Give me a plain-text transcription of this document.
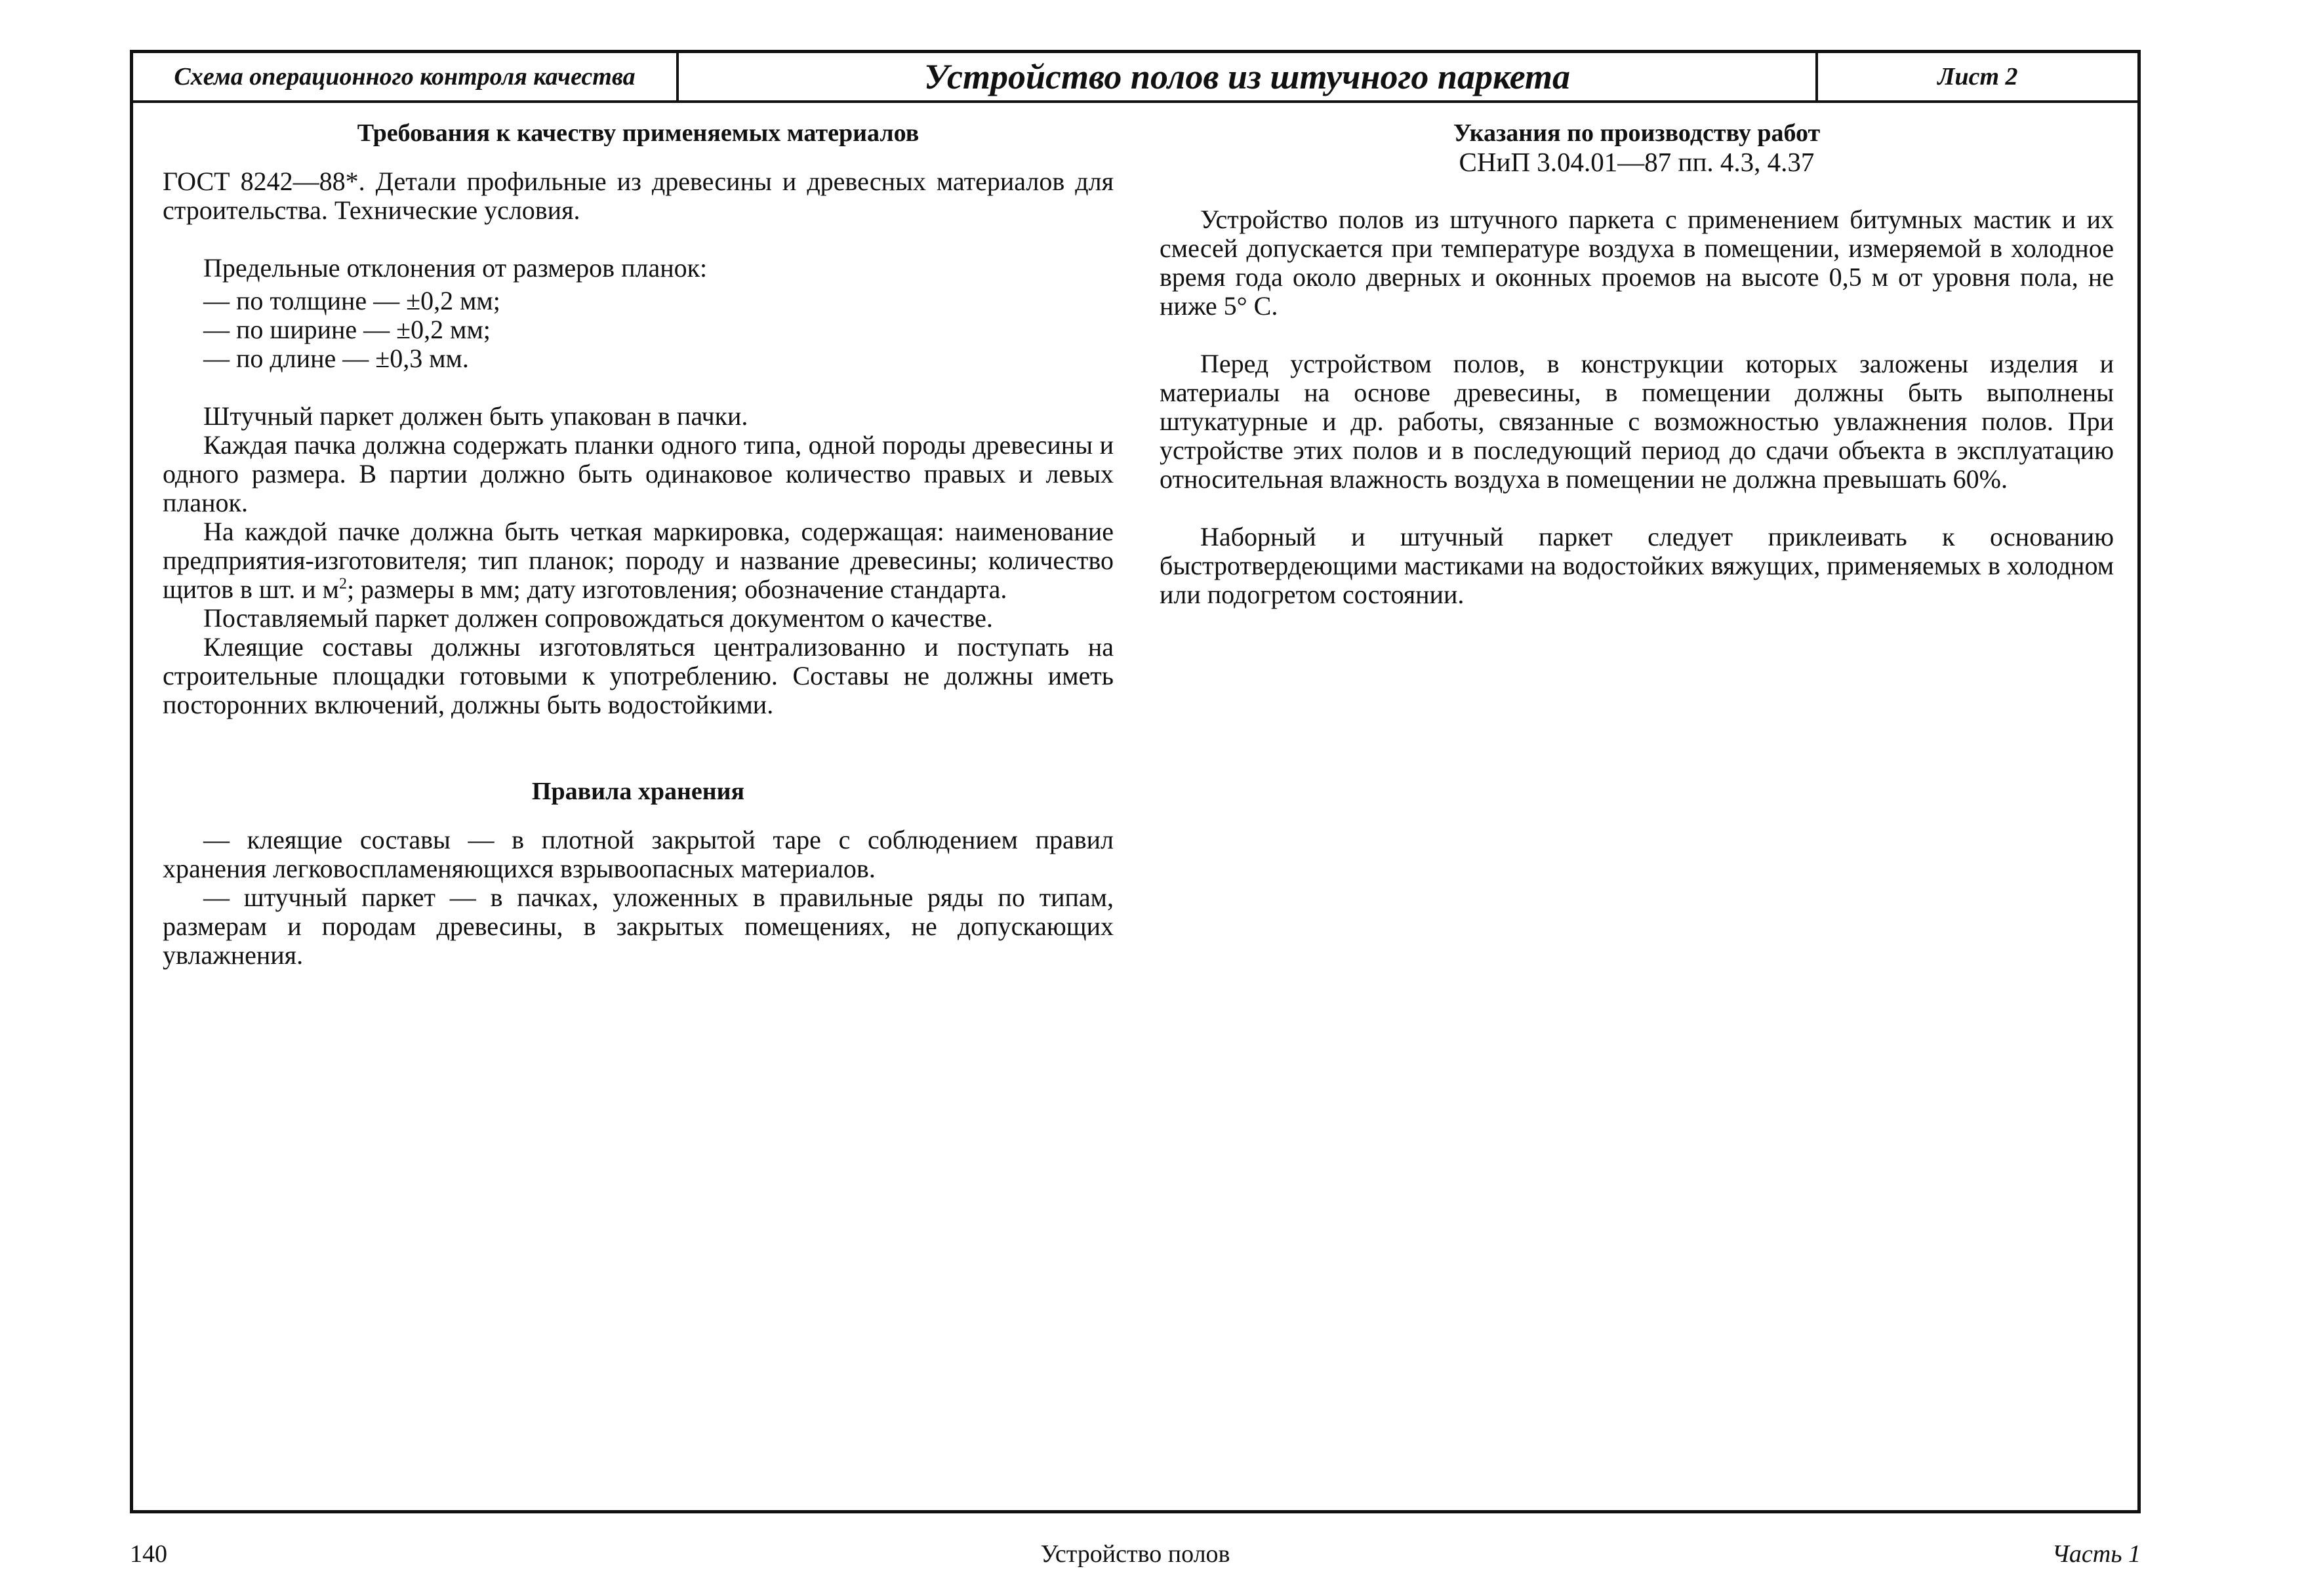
Схема операционного контроля качества	Устройство полов из штучного паркета	Лист 2
Требования к качеству применяемых материалов

ГОСТ 8242—88*. Детали профильные из древесины и древесных материалов для строительства. Технические условия.

Предельные отклонения от размеров планок:

— по толщине — ±0,2 мм;
— по ширине — ±0,2 мм;
— по длине — ±0,3 мм.

Штучный паркет должен быть упакован в пачки.

Каждая пачка должна содержать планки одного типа, одной породы древесины и одного размера. В партии должно быть одинаковое количество правых и левых планок.

На каждой пачке должна быть четкая маркировка, содержащая: наименование предприятия-изготовителя; тип планок; породу и название древесины; количество щитов в шт. и $м^2$; размеры в мм; дату изготовления; обозначение стандарта.

Поставляемый паркет должен сопровождаться документом о качестве.

Клеящие составы должны изготовляться централизованно и поступать на строительные площадки готовыми к употреблению. Составы не должны иметь посторонних включений, должны быть водостойкими.

Правила хранения

— клеящие составы — в плотной закрытой таре с соблюдением правил хранения легковоспламеняющихся взрывоопасных материалов.

— штучный паркет — в пачках, уложенных в правильные ряды по типам, размерам и породам древесины, в закрытых помещениях, не допускающих увлажнения.

Указания по производству работ
СНиП 3.04.01—87 пп. 4.3, 4.37

Устройство полов из штучного паркета с применением битумных мастик и их смесей допускается при температуре воздуха в помещении, измеряемой в холодное время года около дверных и оконных проемов на высоте 0,5 м от уровня пола, не ниже 5° С.

Перед устройством полов, в конструкции которых заложены изделия и материалы на основе древесины, в помещении должны быть выполнены штукатурные и др. работы, связанные с возможностью увлажнения полов. При устройстве этих полов и в последующий период до сдачи объекта в эксплуатацию относительная влажность воздуха в помещении не должна превышать 60%.

Наборный и штучный паркет следует приклеивать к основанию быстротвердеющими мастиками на водостойких вяжущих, применяемых в холодном или подогретом состоянии.

140	Устройство полов	Часть 1
